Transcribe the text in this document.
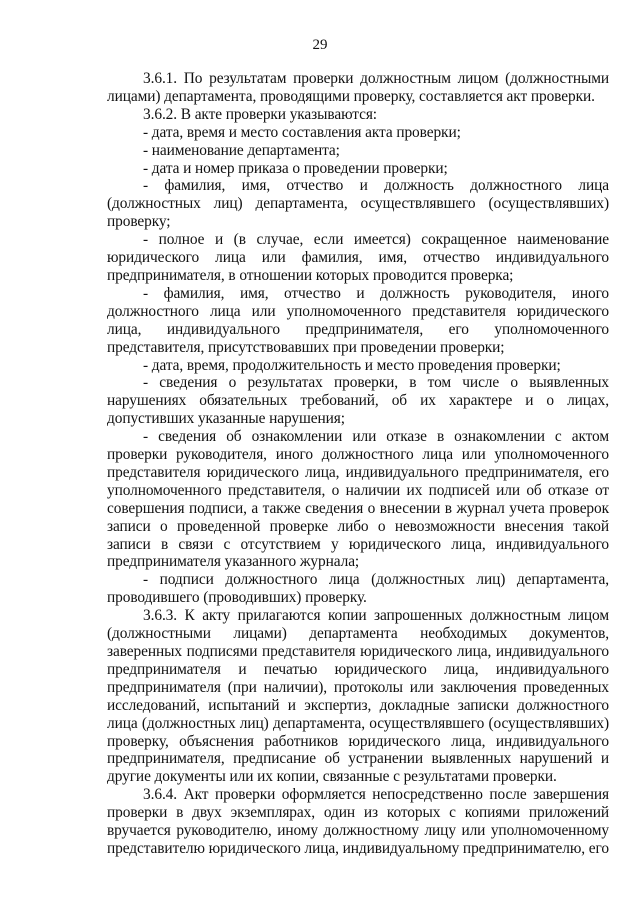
29

3.6.1. По результатам проверки должностным лицом (должностными лицами) департамента, проводящими проверку, составляется акт проверки.

3.6.2. В акте проверки указываются:

- дата, время и место составления акта проверки;

- наименование департамента;

- дата и номер приказа о проведении проверки;

- фамилия, имя, отчество и должность должностного лица (должностных лиц) департамента, осуществлявшего (осуществлявших) проверку;

- полное и (в случае, если имеется) сокращенное наименование юридического лица или фамилия, имя, отчество индивидуального предпринимателя, в отношении которых проводится проверка;

- фамилия, имя, отчество и должность руководителя, иного должностного лица или уполномоченного представителя юридического лица, индивидуального предпринимателя, его уполномоченного представителя, присутствовавших при проведении проверки;

- дата, время, продолжительность и место проведения проверки;

- сведения о результатах проверки, в том числе о выявленных нарушениях обязательных требований, об их характере и о лицах, допустивших указанные нарушения;

- сведения об ознакомлении или отказе в ознакомлении с актом проверки руководителя, иного должностного лица или уполномоченного представителя юридического лица, индивидуального предпринимателя, его уполномоченного представителя, о наличии их подписей или об отказе от совершения подписи, а также сведения о внесении в журнал учета проверок записи о проведенной проверке либо о невозможности внесения такой записи в связи с отсутствием у юридического лица, индивидуального предпринимателя указанного журнала;

- подписи должностного лица (должностных лиц) департамента, проводившего (проводивших) проверку.

3.6.3. К акту прилагаются копии запрошенных должностным лицом (должностными лицами) департамента необходимых документов, заверенных подписями представителя юридического лица, индивидуального предпринимателя и печатью юридического лица, индивидуального предпринимателя (при наличии), протоколы или заключения проведенных исследований, испытаний и экспертиз, докладные записки должностного лица (должностных лиц) департамента, осуществлявшего (осуществлявших) проверку, объяснения работников юридического лица, индивидуального предпринимателя, предписание об устранении выявленных нарушений и другие документы или их копии, связанные с результатами проверки.

3.6.4. Акт проверки оформляется непосредственно после завершения проверки в двух экземплярах, один из которых с копиями приложений вручается руководителю, иному должностному лицу или уполномоченному представителю юридического лица, индивидуальному предпринимателю, его
